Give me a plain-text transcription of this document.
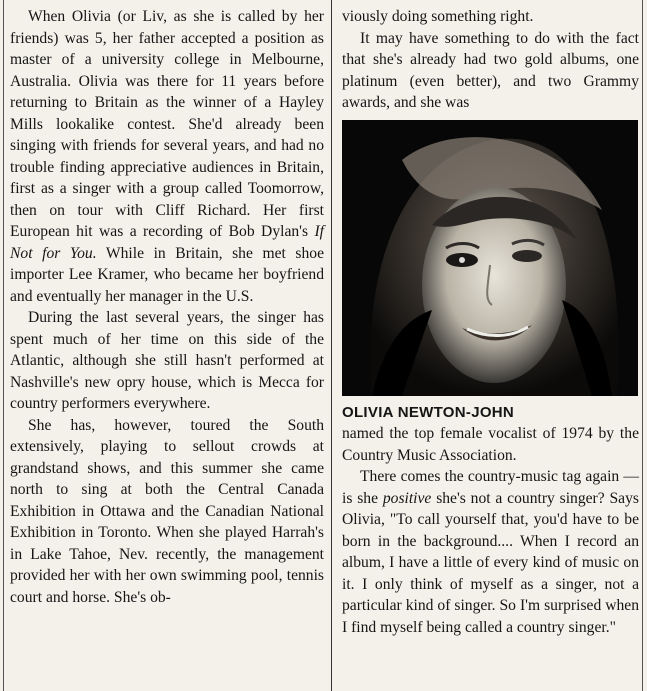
When Olivia (or Liv, as she is called by her friends) was 5, her father accepted a position as master of a university college in Melbourne, Australia. Olivia was there for 11 years before returning to Britain as the winner of a Hayley Mills lookalike contest. She'd already been singing with friends for several years, and had no trouble finding appreciative audiences in Britain, first as a singer with a group called Toomorrow, then on tour with Cliff Richard. Her first European hit was a recording of Bob Dylan's If Not for You. While in Britain, she met shoe importer Lee Kramer, who became her boyfriend and eventually her manager in the U.S.

During the last several years, the singer has spent much of her time on this side of the Atlantic, although she still hasn't performed at Nashville's new opry house, which is Mecca for country performers everywhere.

She has, however, toured the South extensively, playing to sellout crowds at grandstand shows, and this summer she came north to sing at both the Central Canada Exhibition in Ottawa and the Canadian National Exhibition in Toronto. When she played Harrah's in Lake Tahoe, Nev. recently, the management provided her with her own swimming pool, tennis court and horse. She's ob-

viously doing something right.

It may have something to do with the fact that she's already had two gold albums, one platinum (even better), and two Grammy awards, and she was

OLIVIA NEWTON-JOHN

named the top female vocalist of 1974 by the Country Music Association.

There comes the country-music tag again — is she positive she's not a country singer? Says Olivia, "To call yourself that, you'd have to be born in the background.... When I record an album, I have a little of every kind of music on it. I only think of myself as a singer, not a particular kind of singer. So I'm surprised when I find myself being called a country singer."
